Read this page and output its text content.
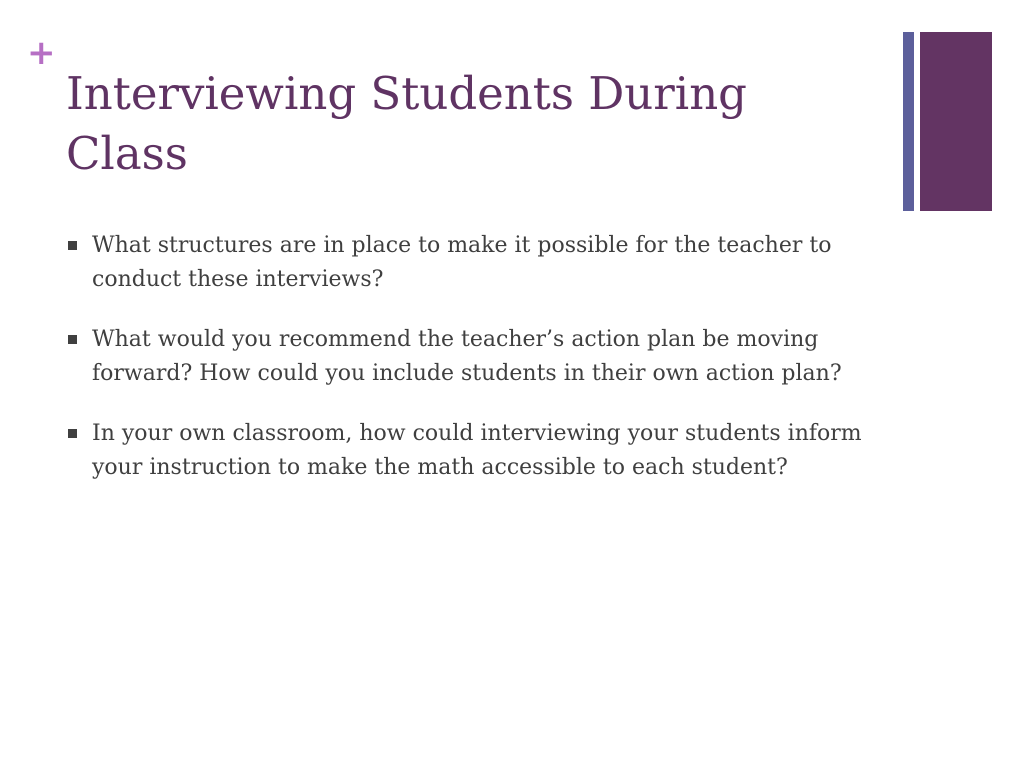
+
Interviewing Students During Class
What structures are in place to make it possible for the teacher to conduct these interviews?
What would you recommend the teacher’s action plan be moving forward? How could you include students in their own action plan?
In your own classroom, how could interviewing your students inform your instruction to make the math accessible to each student?
